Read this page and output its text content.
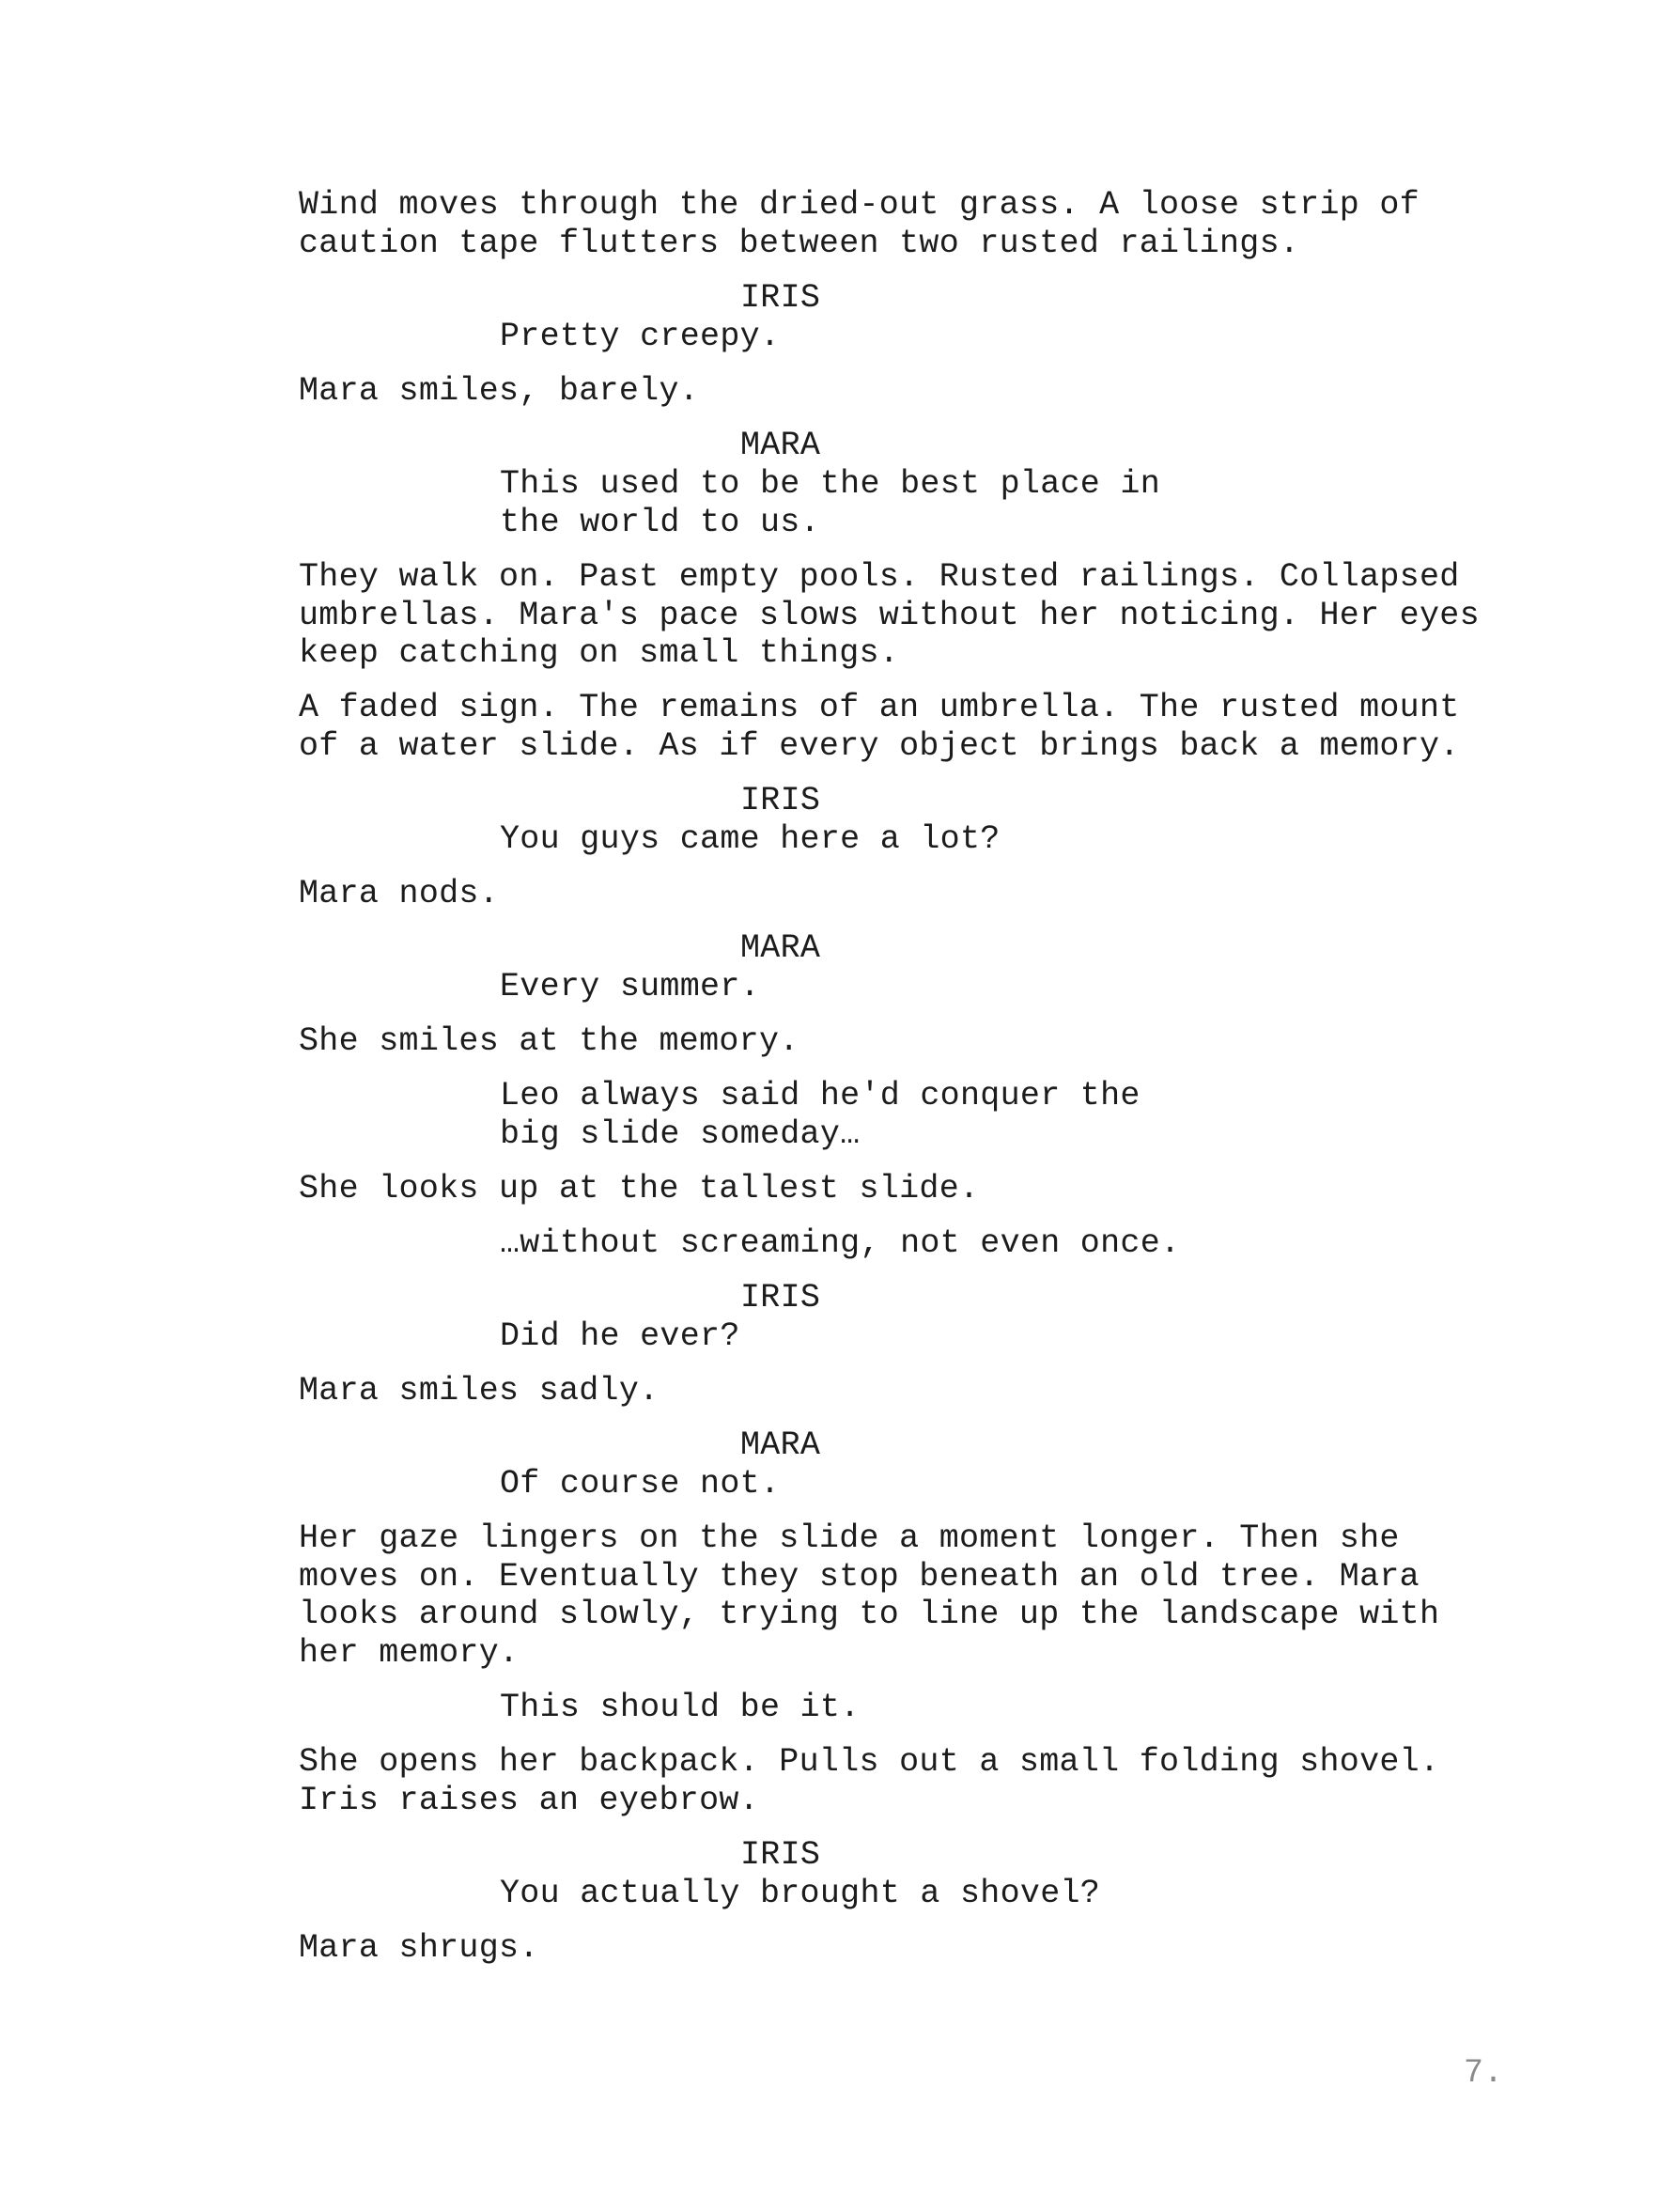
Wind moves through the dried-out grass. A loose strip of
caution tape flutters between two rusted railings.
IRIS
Pretty creepy.
Mara smiles, barely.
MARA
This used to be the best place in
the world to us.
They walk on. Past empty pools. Rusted railings. Collapsed
umbrellas. Mara's pace slows without her noticing. Her eyes
keep catching on small things.
A faded sign. The remains of an umbrella. The rusted mount
of a water slide. As if every object brings back a memory.
IRIS
You guys came here a lot?
Mara nods.
MARA
Every summer.
She smiles at the memory.
Leo always said he'd conquer the
big slide someday…
She looks up at the tallest slide.
…without screaming, not even once.
IRIS
Did he ever?
Mara smiles sadly.
MARA
Of course not.
Her gaze lingers on the slide a moment longer. Then she
moves on. Eventually they stop beneath an old tree. Mara
looks around slowly, trying to line up the landscape with
her memory.
This should be it.
She opens her backpack. Pulls out a small folding shovel.
Iris raises an eyebrow.
IRIS
You actually brought a shovel?
Mara shrugs.
7.
